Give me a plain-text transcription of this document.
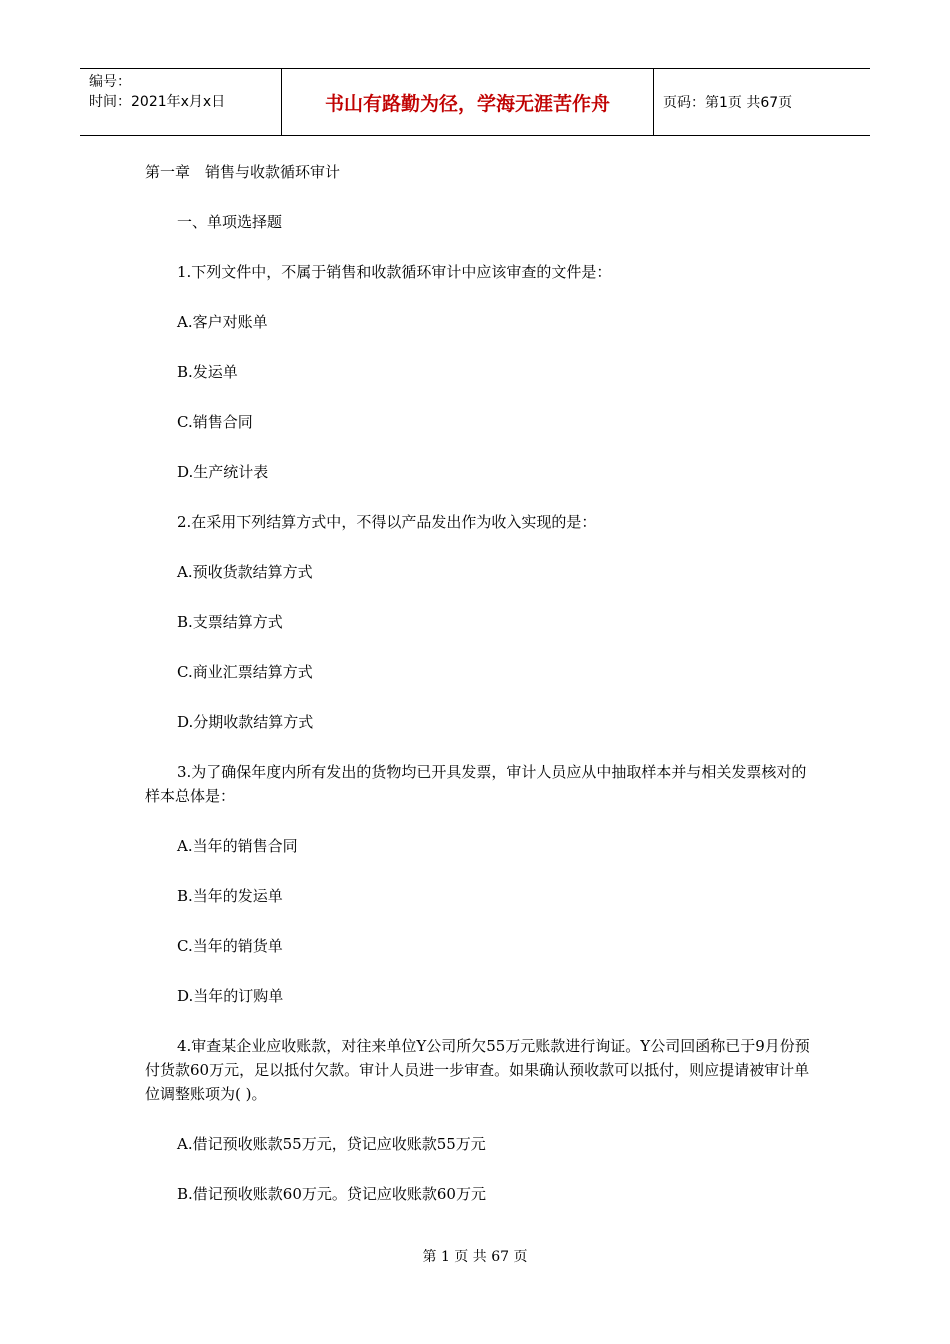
编号：
时间：2021年x月x日	书山有路勤为径，学海无涯苦作舟	页码：第1页 共67页

第一章　销售与收款循环审计

一、单项选择题

1.下列文件中，不属于销售和收款循环审计中应该审查的文件是：

A.客户对账单

B.发运单

C.销售合同

D.生产统计表

2.在采用下列结算方式中，不得以产品发出作为收入实现的是：

A.预收货款结算方式

B.支票结算方式

C.商业汇票结算方式

D.分期收款结算方式

3.为了确保年度内所有发出的货物均已开具发票，审计人员应从中抽取样本并与相关发票核对的样本总体是：

A.当年的销售合同

B.当年的发运单

C.当年的销货单

D.当年的订购单

4.审查某企业应收账款，对往来单位Y公司所欠55万元账款进行询证。Y公司回函称已于9月份预付货款60万元，足以抵付欠款。审计人员进一步审查。如果确认预收款可以抵付，则应提请被审计单位调整账项为( )。

A.借记预收账款55万元，贷记应收账款55万元

B.借记预收账款60万元。贷记应收账款60万元

第 1 页 共 67 页
